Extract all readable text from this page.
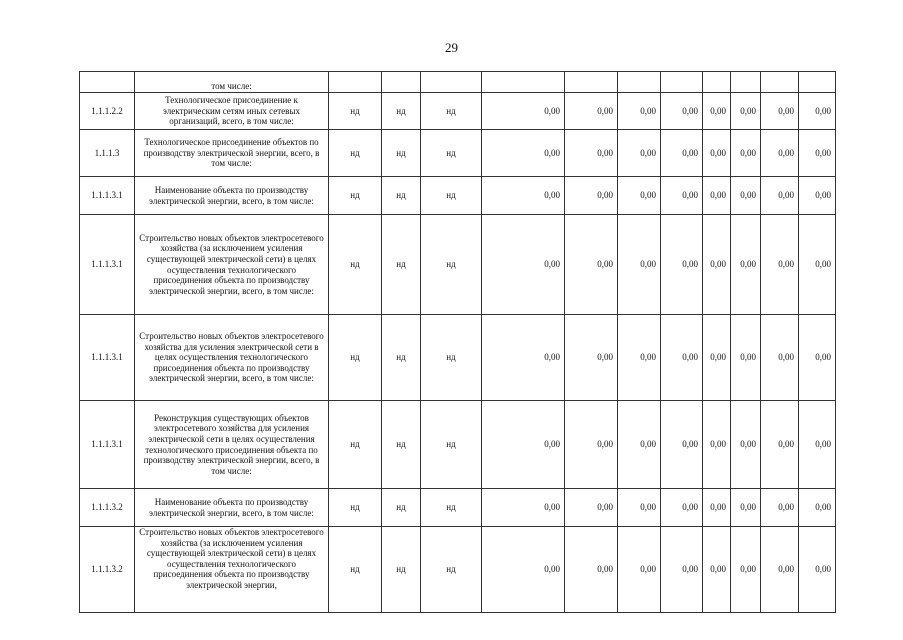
29

	том числе:											

1.1.1.2.2	Технологическое присоединение к электрическим сетям иных сетевых организаций, всего, в том числе:	нд	нд	нд	0,00	0,00	0,00	0,00	0,00	0,00	0,00	0,00
1.1.1.3	Технологическое присоединение объектов по производству электрической энергии, всего, в том числе:	нд	нд	нд	0,00	0,00	0,00	0,00	0,00	0,00	0,00	0,00
1.1.1.3.1	Наименование объекта по производству электрической энергии, всего, в том числе:	нд	нд	нд	0,00	0,00	0,00	0,00	0,00	0,00	0,00	0,00
1.1.1.3.1	Строительство новых объектов электросетевого хозяйства (за исключением усиления существующей электрической сети) в целях осуществления технологического присоединения объекта по производству электрической энергии, всего, в том числе:	нд	нд	нд	0,00	0,00	0,00	0,00	0,00	0,00	0,00	0,00
1.1.1.3.1	Строительство новых объектов электросетевого хозяйства для усиления электрической сети в целях осуществления технологического присоединения объекта по производству электрической энергии, всего, в том числе:	нд	нд	нд	0,00	0,00	0,00	0,00	0,00	0,00	0,00	0,00
1.1.1.3.1	Реконструкция существующих объектов электросетевого хозяйства для усиления электрической сети в целях осуществления технологического присоединения объекта по производству электрической энергии, всего, в том числе:	нд	нд	нд	0,00	0,00	0,00	0,00	0,00	0,00	0,00	0,00
1.1.1.3.2	Наименование объекта по производству электрической энергии, всего, в том числе:	нд	нд	нд	0,00	0,00	0,00	0,00	0,00	0,00	0,00	0,00
1.1.1.3.2	Строительство новых объектов электросетевого хозяйства (за исключением усиления существующей электрической сети) в целях осуществления технологического присоединения объекта по производству электрической энергии,	нд	нд	нд	0,00	0,00	0,00	0,00	0,00	0,00	0,00	0,00
